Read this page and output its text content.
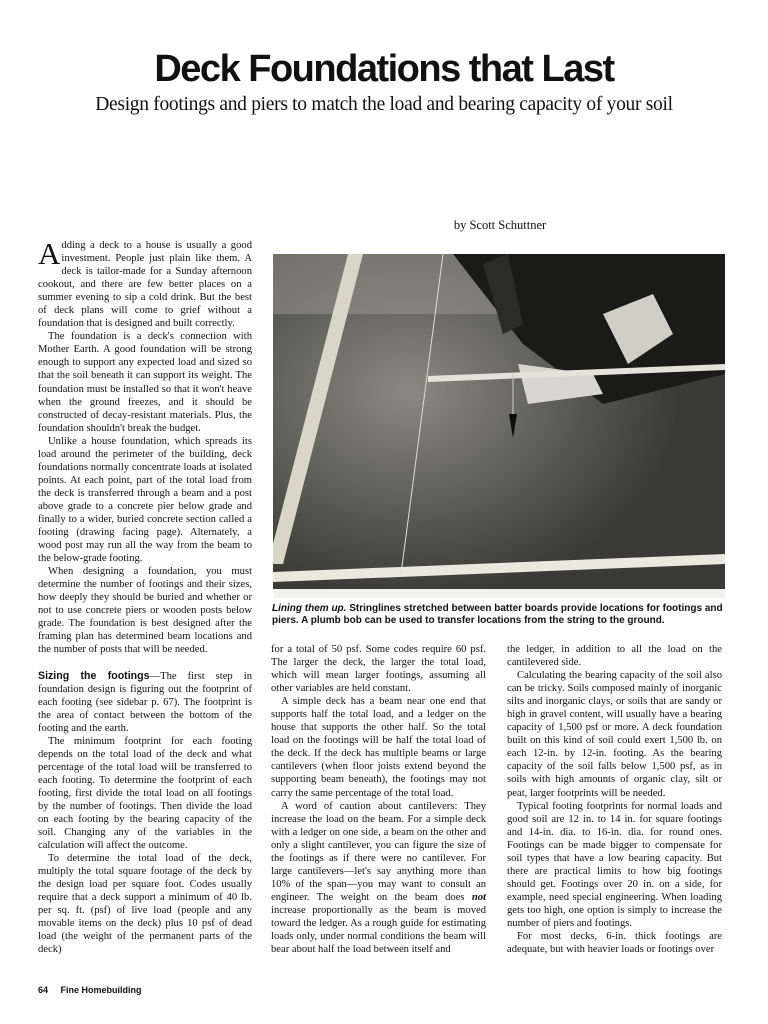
Deck Foundations that Last
Design footings and piers to match the load and bearing capacity of your soil
by Scott Schuttner

Adding a deck to a house is usually a good investment. People just plain like them. A deck is tailor-made for a Sunday afternoon cookout, and there are few better places on a summer evening to sip a cold drink. But the best of deck plans will come to grief without a foundation that is designed and built correctly.

The foundation is a deck's connection with Mother Earth. A good foundation will be strong enough to support any expected load and sized so that the soil beneath it can support its weight. The foundation must be installed so that it won't heave when the ground freezes, and it should be constructed of decay-resistant materials. Plus, the foundation shouldn't break the budget.

Unlike a house foundation, which spreads its load around the perimeter of the building, deck foundations normally concentrate loads at isolated points. At each point, part of the total load from the deck is transferred through a beam and a post above grade to a concrete pier below grade and finally to a wider, buried concrete section called a footing (drawing facing page). Alternately, a wood post may run all the way from the beam to the below-grade footing.

When designing a foundation, you must determine the number of footings and their sizes, how deeply they should be buried and whether or not to use concrete piers or wooden posts below grade. The foundation is best designed after the framing plan has determined beam locations and the number of posts that will be needed.

Sizing the footings—The first step in foundation design is figuring out the footprint of each footing (see sidebar p. 67). The footprint is the area of contact between the bottom of the footing and the earth.

The minimum footprint for each footing depends on the total load of the deck and what percentage of the total load will be transferred to each footing. To determine the footprint of each footing, first divide the total load on all footings by the number of footings. Then divide the load on each footing by the bearing capacity of the soil. Changing any of the variables in the calculation will affect the outcome.

To determine the total load of the deck, multiply the total square footage of the deck by the design load per square foot. Codes usually require that a deck support a minimum of 40 lb. per sq. ft. (psf) of live load (people and any movable items on the deck) plus 10 psf of dead load (the weight of the permanent parts of the deck)

Lining them up. Stringlines stretched between batter boards provide locations for footings and piers. A plumb bob can be used to transfer locations from the string to the ground.

for a total of 50 psf. Some codes require 60 psf. The larger the deck, the larger the total load, which will mean larger footings, assuming all other variables are held constant.

A simple deck has a beam near one end that supports half the total load, and a ledger on the house that supports the other half. So the total load on the footings will be half the total load of the deck. If the deck has multiple beams or large cantilevers (when floor joists extend beyond the supporting beam beneath), the footings may not carry the same percentage of the total load.

A word of caution about cantilevers: They increase the load on the beam. For a simple deck with a ledger on one side, a beam on the other and only a slight cantilever, you can figure the size of the footings as if there were no cantilever. For large cantilevers—let's say anything more than 10% of the span—you may want to consult an engineer. The weight on the beam does not increase proportionally as the beam is moved toward the ledger. As a rough guide for estimating loads only, under normal conditions the beam will bear about half the load between itself and

the ledger, in addition to all the load on the cantilevered side.

Calculating the bearing capacity of the soil also can be tricky. Soils composed mainly of inorganic silts and inorganic clays, or soils that are sandy or high in gravel content, will usually have a bearing capacity of 1,500 psf or more. A deck foundation built on this kind of soil could exert 1,500 lb. on each 12-in. by 12-in. footing. As the bearing capacity of the soil falls below 1,500 psf, as in soils with high amounts of organic clay, silt or peat, larger footprints will be needed.

Typical footing footprints for normal loads and good soil are 12 in. to 14 in. for square footings and 14-in. dia. to 16-in. dia. for round ones. Footings can be made bigger to compensate for soil types that have a low bearing capacity. But there are practical limits to how big footings should get. Footings over 20 in. on a side, for example, need special engineering. When loading gets too high, one option is simply to increase the number of piers and footings.

For most decks, 6-in. thick footings are adequate, but with heavier loads or footings over

64 Fine Homebuilding
